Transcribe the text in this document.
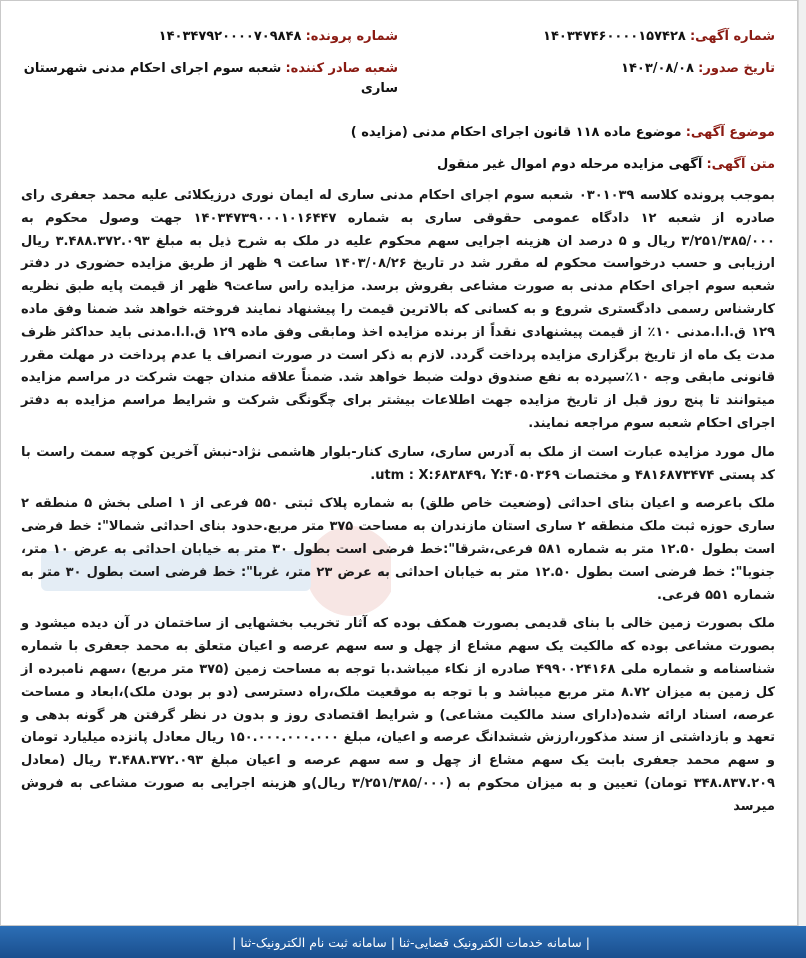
شماره آگهی: ۱۴۰۳۴۷۴۶۰۰۰۰۱۵۷۴۲۸
شماره پرونده: ۱۴۰۳۴۷۹۲۰۰۰۰۷۰۹۸۴۸
تاریخ صدور: ۱۴۰۳/۰۸/۰۸
شعبه صادر کننده: شعبه سوم اجرای احکام مدنی شهرستان ساری
موضوع آگهی: موضوع ماده ۱۱۸ قانون اجرای احکام مدنی (مزایده )
متن آگهی: آگهی مزایده مرحله دوم اموال غیر منقول

بموجب پرونده کلاسه ۰۳۰۱۰۳۹ شعبه سوم اجرای احکام مدنی ساری له ایمان نوری درزیکلائی علیه محمد جعفری رای صادره از شعبه ۱۲ دادگاه عمومی حقوقی ساری به شماره ۱۴۰۳۴۷۳۹۰۰۰۱۰۱۶۴۴۷ جهت وصول محکوم به ۳/۲۵۱/۳۸۵/۰۰۰ ریال و ۵ درصد ان هزینه اجرایی سهم محکوم علیه در ملک به شرح ذیل به مبلغ ۳.۴۸۸.۳۷۲.۰۹۳ ریال ارزیابی و حسب درخواست محکوم له مقرر شد در تاریخ ۱۴۰۳/۰۸/۲۶ ساعت ۹ ظهر از طریق مزایده حضوری در دفتر شعبه سوم اجرای احکام مدنی به صورت مشاعی بفروش برسد. مزایده راس ساعت۹ ظهر از قیمت پایه طبق نظریه کارشناس رسمی دادگستری شروع و به کسانی که بالاترین قیمت را پیشنهاد نمایند فروخته خواهد شد ضمنا وفق ماده ۱۲۹ ق.ا.ا.مدنی ۱۰٪ از قیمت پیشنهادی نقداً از برنده مزایده اخذ ومابقی وفق ماده ۱۲۹ ق.ا.ا.مدنی باید حداکثر ظرف مدت یک ماه از تاریخ برگزاری مزایده پرداخت گردد. لازم به ذکر است در صورت انصراف یا عدم پرداخت در مهلت مقرر قانونی مابقی وجه ۱۰٪سپرده به نفع صندوق دولت ضبط خواهد شد. ضمناً علاقه مندان جهت شرکت در مراسم مزایده میتوانند تا پنج روز قبل از تاریخ مزایده جهت اطلاعات بیشتر برای چگونگی شرکت و شرایط مراسم مزایده به دفتر اجرای احکام شعبه سوم مراجعه نمایند.

مال مورد مزایده عبارت است از ملک به آدرس ساری، ساری کنار-بلوار هاشمی نژاد-نبش آخرین کوچه سمت راست با کد پستی ۴۸۱۶۸۷۳۴۷۴ و مختصات utm : X:۶۸۳۸۴۹، Y:۴۰۵۰۳۶۹.

ملک باعرصه و اعیان بنای احداثی (وضعیت خاص طلق) به شماره پلاک ثبتی ۵۵۰ فرعی از ۱ اصلی بخش ۵ منطقه ۲ ساری حوزه ثبت ملک منطقه ۲ ساری استان مازندران به مساحت ۳۷۵ متر مربع.حدود بنای احداثی شمالا": خط فرضی است بطول ۱۲.۵۰ متر به شماره ۵۸۱ فرعی،شرقا":خط فرضی است بطول ۳۰ متر به خیابان احداثی به عرض ۱۰ متر، جنوبا": خط فرضی است بطول ۱۲.۵۰ متر به خیابان احداثی به عرض ۲۳ متر، غربا": خط فرضی است بطول ۳۰ متر به شماره ۵۵۱ فرعی.

ملک بصورت زمین خالی با بنای قدیمی بصورت همکف بوده که آثار تخریب بخشهایی از ساختمان در آن دیده میشود و بصورت مشاعی بوده که مالکیت یک سهم مشاع از چهل و سه سهم عرصه و اعیان متعلق به محمد جعفری با شماره شناسنامه و شماره ملی ۴۹۹۰۰۲۴۱۶۸ صادره از نکاء میباشد.با توجه به مساحت زمین (۳۷۵ متر مربع) ،سهم نامبرده از کل زمین به میزان ۸.۷۲ متر مربع میباشد و با توجه به موقعیت ملک،راه دسترسی (دو بر بودن ملک)،ابعاد و مساحت عرصه، اسناد ارائه شده(دارای سند مالکیت مشاعی) و شرایط اقتصادی روز و بدون در نظر گرفتن هر گونه بدهی و تعهد و بازداشتی از سند مذکور،ارزش ششدانگ عرصه و اعیان، مبلغ ۱۵۰.۰۰۰.۰۰۰.۰۰۰ ریال معادل پانزده میلیارد تومان و سهم محمد جعفری بابت یک سهم مشاع از چهل و سه سهم عرصه و اعیان مبلغ ۳.۴۸۸.۳۷۲.۰۹۳ ریال (معادل ۳۴۸.۸۳۷.۲۰۹ تومان) تعیین و به میزان محکوم به (۳/۲۵۱/۳۸۵/۰۰۰ ریال)و هزینه اجرایی به صورت مشاعی به فروش میرسد

|
سامانه خدمات الکترونیک قضایی-ثنا
|
سامانه ثبت نام الکترونیک-ثنا
|
